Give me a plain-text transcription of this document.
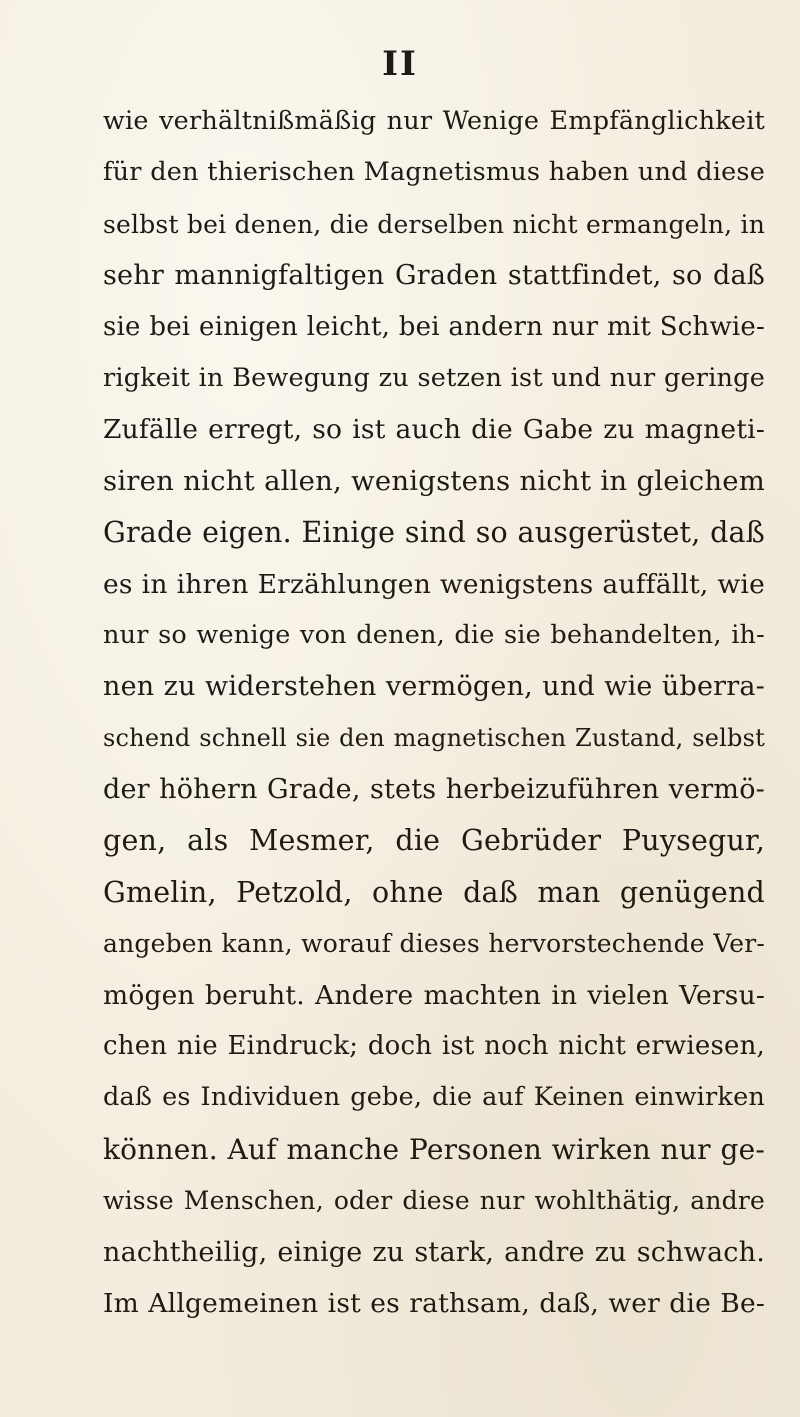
II
wie verhältnißmäßig nur Wenige Empfänglichkeit
für den thierischen Magnetismus haben und diese
selbst bei denen, die derselben nicht ermangeln, in
sehr mannigfaltigen Graden stattfindet, so daß
sie bei einigen leicht, bei andern nur mit Schwie-
rigkeit in Bewegung zu setzen ist und nur geringe
Zufälle erregt, so ist auch die Gabe zu magneti-
siren nicht allen, wenigstens nicht in gleichem
Grade eigen. Einige sind so ausgerüstet, daß
es in ihren Erzählungen wenigstens auffällt, wie
nur so wenige von denen, die sie behandelten, ih-
nen zu widerstehen vermögen, und wie überra-
schend schnell sie den magnetischen Zustand, selbst
der höhern Grade, stets herbeizuführen vermö-
gen, als Mesmer, die Gebrüder Puysegur,
Gmelin, Petzold, ohne daß man genügend
angeben kann, worauf dieses hervorstechende Ver-
mögen beruht. Andere machten in vielen Versu-
chen nie Eindruck; doch ist noch nicht erwiesen,
daß es Individuen gebe, die auf Keinen einwirken
können. Auf manche Personen wirken nur ge-
wisse Menschen, oder diese nur wohlthätig, andre
nachtheilig, einige zu stark, andre zu schwach.
Im Allgemeinen ist es rathsam, daß, wer die Be-
